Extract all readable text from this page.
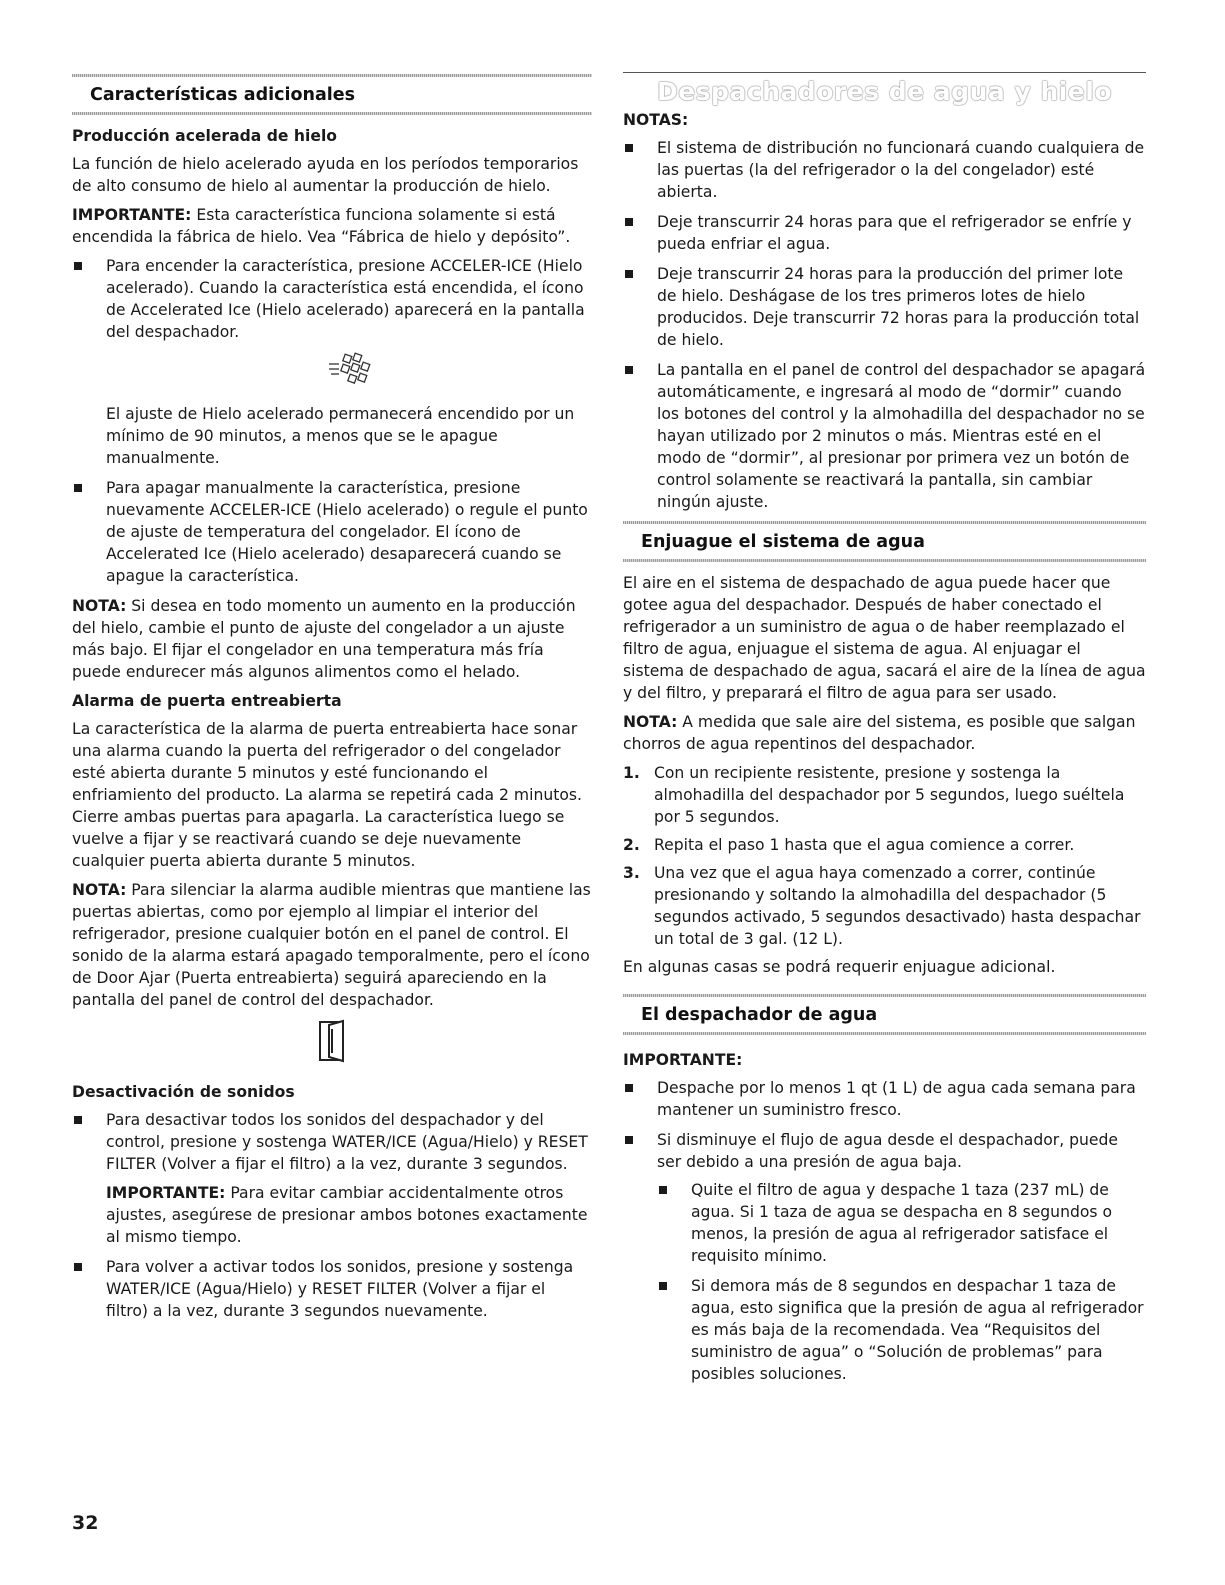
Características adicionales
Producción acelerada de hielo

La función de hielo acelerado ayuda en los períodos temporarios de alto consumo de hielo al aumentar la producción de hielo.

IMPORTANTE: Esta característica funciona solamente si está encendida la fábrica de hielo. Vea “Fábrica de hielo y depósito”.

Para encender la característica, presione ACCELER-ICE (Hielo acelerado). Cuando la característica está encendida, el ícono de Accelerated Ice (Hielo acelerado) aparecerá en la pantalla del despachador.

El ajuste de Hielo acelerado permanecerá encendido por un mínimo de 90 minutos, a menos que se le apague manualmente.

Para apagar manualmente la característica, presione nuevamente ACCELER-ICE (Hielo acelerado) o regule el punto de ajuste de temperatura del congelador. El ícono de Accelerated Ice (Hielo acelerado) desaparecerá cuando se apague la característica.

NOTA: Si desea en todo momento un aumento en la producción del hielo, cambie el punto de ajuste del congelador a un ajuste más bajo. El fijar el congelador en una temperatura más fría puede endurecer más algunos alimentos como el helado.

Alarma de puerta entreabierta

La característica de la alarma de puerta entreabierta hace sonar una alarma cuando la puerta del refrigerador o del congelador esté abierta durante 5 minutos y esté funcionando el enfriamiento del producto. La alarma se repetirá cada 2 minutos. Cierre ambas puertas para apagarla. La característica luego se vuelve a fijar y se reactivará cuando se deje nuevamente cualquier puerta abierta durante 5 minutos.

NOTA: Para silenciar la alarma audible mientras que mantiene las puertas abiertas, como por ejemplo al limpiar el interior del refrigerador, presione cualquier botón en el panel de control. El sonido de la alarma estará apagado temporalmente, pero el ícono de Door Ajar (Puerta entreabierta) seguirá apareciendo en la pantalla del panel de control del despachador.

Desactivación de sonidos

Para desactivar todos los sonidos del despachador y del control, presione y sostenga WATER/ICE (Agua/Hielo) y RESET FILTER (Volver a fijar el filtro) a la vez, durante 3 segundos.

IMPORTANTE: Para evitar cambiar accidentalmente otros ajustes, asegúrese de presionar ambos botones exactamente al mismo tiempo.

Para volver a activar todos los sonidos, presione y sostenga WATER/ICE (Agua/Hielo) y RESET FILTER (Volver a fijar el filtro) a la vez, durante 3 segundos nuevamente.
Despachadores de agua y hielo
NOTAS:
El sistema de distribución no funcionará cuando cualquiera de las puertas (la del refrigerador o la del congelador) esté abierta.
Deje transcurrir 24 horas para que el refrigerador se enfríe y pueda enfriar el agua.
Deje transcurrir 24 horas para la producción del primer lote de hielo. Deshágase de los tres primeros lotes de hielo producidos. Deje transcurrir 72 horas para la producción total de hielo.
La pantalla en el panel de control del despachador se apagará automáticamente, e ingresará al modo de “dormir” cuando los botones del control y la almohadilla del despachador no se hayan utilizado por 2 minutos o más. Mientras esté en el modo de “dormir”, al presionar por primera vez un botón de control solamente se reactivará la pantalla, sin cambiar ningún ajuste.
Enjuague el sistema de agua

El aire en el sistema de despachado de agua puede hacer que gotee agua del despachador. Después de haber conectado el refrigerador a un suministro de agua o de haber reemplazado el filtro de agua, enjuague el sistema de agua. Al enjuagar el sistema de despachado de agua, sacará el aire de la línea de agua y del filtro, y preparará el filtro de agua para ser usado.

NOTA: A medida que sale aire del sistema, es posible que salgan chorros de agua repentinos del despachador.

1. Con un recipiente resistente, presione y sostenga la almohadilla del despachador por 5 segundos, luego suéltela por 5 segundos.
2. Repita el paso 1 hasta que el agua comience a correr.
3. Una vez que el agua haya comenzado a correr, continúe presionando y soltando la almohadilla del despachador (5 segundos activado, 5 segundos desactivado) hasta despachar un total de 3 gal. (12 L).

En algunas casas se podrá requerir enjuague adicional.

El despachador de agua
IMPORTANTE:
Despache por lo menos 1 qt (1 L) de agua cada semana para mantener un suministro fresco.
Si disminuye el flujo de agua desde el despachador, puede ser debido a una presión de agua baja.
Quite el filtro de agua y despache 1 taza (237 mL) de agua. Si 1 taza de agua se despacha en 8 segundos o menos, la presión de agua al refrigerador satisface el requisito mínimo.
Si demora más de 8 segundos en despachar 1 taza de agua, esto significa que la presión de agua al refrigerador es más baja de la recomendada. Vea “Requisitos del suministro de agua” o “Solución de problemas” para posibles soluciones.
32
